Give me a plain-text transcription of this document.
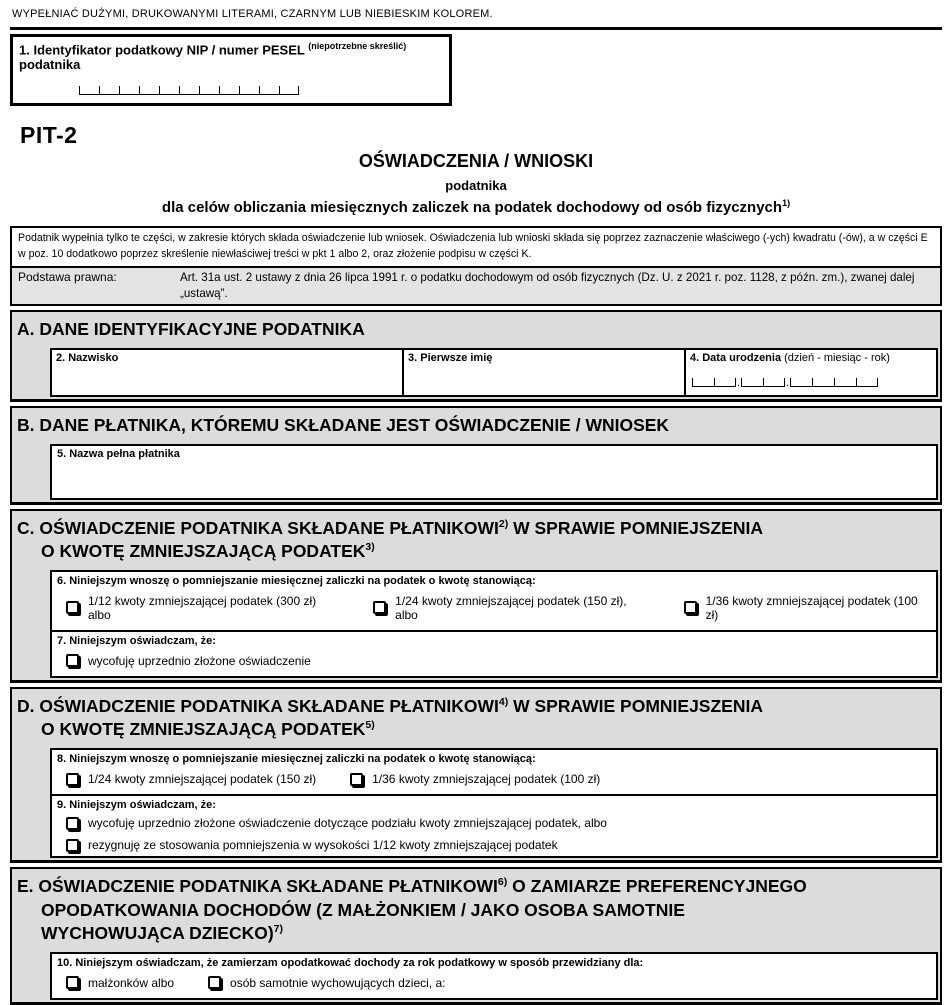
WYPEŁNIAĆ DUŻYMI, DRUKOWANYMI LITERAMI, CZARNYM LUB NIEBIESKIM KOLOREM.
1. Identyfikator podatkowy NIP / numer PESEL $^{(niepotrzebne skreślić)}$ podatnika
PIT-2
OŚWIADCZENIA / WNIOSKI
podatnika
dla celów obliczania miesięcznych zaliczek na podatek dochodowy od osób fizycznych$^{1)}$
Podatnik wypełnia tylko te części, w zakresie których składa oświadczenie lub wniosek. Oświadczenia lub wnioski składa się poprzez zaznaczenie właściwego (-ych) kwadratu (-ów), a w części E w poz. 10 dodatkowo poprzez skreślenie niewłaściwej treści w pkt 1 albo 2, oraz złożenie podpisu w części K.
Podstawa prawna:	Art. 31a ust. 2 ustawy z dnia 26 lipca 1991 r. o podatku dochodowym od osób fizycznych (Dz. U. z 2021 r. poz. 1128, z późn. zm.), zwanej dalej „ustawą”.
A. DANE IDENTYFIKACYJNE PODATNIKA
2. Nazwisko	3. Pierwsze imię	4. Data urodzenia (dzień - miesiąc - rok)
.	.
B. DANE PŁATNIKA, KTÓREMU SKŁADANE JEST OŚWIADCZENIE / WNIOSEK
5. Nazwa pełna płatnika
C. OŚWIADCZENIE PODATNIKA SKŁADANE PŁATNIKOWI$^{2)}$ W SPRAWIE POMNIEJSZENIA
O KWOTĘ ZMNIEJSZAJĄCĄ PODATEK$^{3)}$
6. Niniejszym wnoszę o pomniejszanie miesięcznej zaliczki na podatek o kwotę stanowiącą:
1/12 kwoty zmniejszającej podatek (300 zł) albo
1/24 kwoty zmniejszającej podatek (150 zł), albo
1/36 kwoty zmniejszającej podatek (100 zł)
7. Niniejszym oświadczam, że:
wycofuję uprzednio złożone oświadczenie
D. OŚWIADCZENIE PODATNIKA SKŁADANE PŁATNIKOWI$^{4)}$ W SPRAWIE POMNIEJSZENIA
O KWOTĘ ZMNIEJSZAJĄCĄ PODATEK$^{5)}$
8. Niniejszym wnoszę o pomniejszanie miesięcznej zaliczki na podatek o kwotę stanowiącą:
1/24 kwoty zmniejszającej podatek (150 zł)	1/36 kwoty zmniejszającej podatek (100 zł)
9. Niniejszym oświadczam, że:
wycofuję uprzednio złożone oświadczenie dotyczące podziału kwoty zmniejszającej podatek, albo
rezygnuję ze stosowania pomniejszenia w wysokości 1/12 kwoty zmniejszającej podatek
E. OŚWIADCZENIE PODATNIKA SKŁADANE PŁATNIKOWI$^{6)}$ O ZAMIARZE PREFERENCYJNEGO
OPODATKOWANIA DOCHODÓW (Z MAŁŻONKIEM / JAKO OSOBA SAMOTNIE
WYCHOWUJĄCA DZIECKO)$^{7)}$
10. Niniejszym oświadczam, że zamierzam opodatkować dochody za rok podatkowy w sposób przewidziany dla:
małżonków albo	osób samotnie wychowujących dzieci, a:
